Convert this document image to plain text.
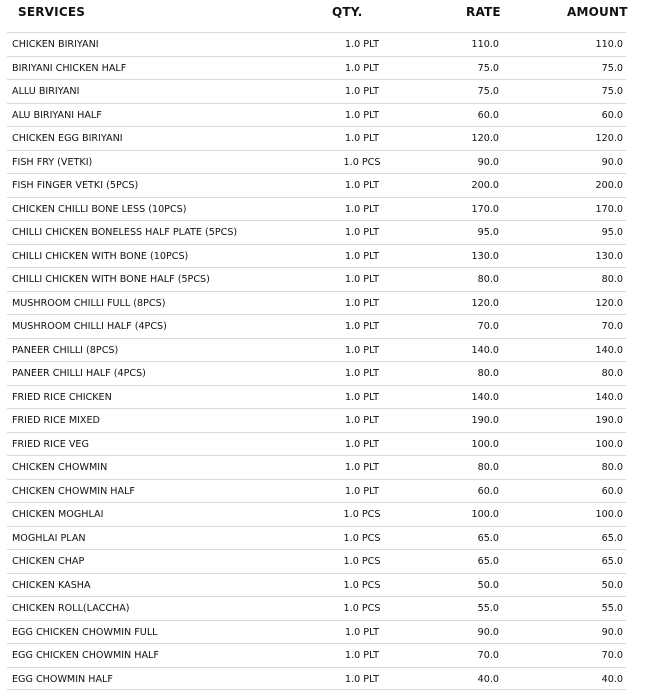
SERVICES	QTY.	RATE	AMOUNT
CHICKEN BIRIYANI	1.0 PLT	110.0	110.0
BIRIYANI CHICKEN HALF	1.0 PLT	75.0	75.0
ALLU BIRIYANI	1.0 PLT	75.0	75.0
ALU BIRIYANI HALF	1.0 PLT	60.0	60.0
CHICKEN EGG BIRIYANI	1.0 PLT	120.0	120.0
FISH FRY (VETKI)	1.0 PCS	90.0	90.0
FISH FINGER VETKI (5PCS)	1.0 PLT	200.0	200.0
CHICKEN CHILLI BONE LESS (10PCS)	1.0 PLT	170.0	170.0
CHILLI CHICKEN BONELESS HALF PLATE (5PCS)	1.0 PLT	95.0	95.0
CHILLI CHICKEN WITH BONE (10PCS)	1.0 PLT	130.0	130.0
CHILLI CHICKEN WITH BONE HALF (5PCS)	1.0 PLT	80.0	80.0
MUSHROOM CHILLI FULL (8PCS)	1.0 PLT	120.0	120.0
MUSHROOM CHILLI HALF (4PCS)	1.0 PLT	70.0	70.0
PANEER CHILLI (8PCS)	1.0 PLT	140.0	140.0
PANEER CHILLI HALF (4PCS)	1.0 PLT	80.0	80.0
FRIED RICE CHICKEN	1.0 PLT	140.0	140.0
FRIED RICE MIXED	1.0 PLT	190.0	190.0
FRIED RICE VEG	1.0 PLT	100.0	100.0
CHICKEN CHOWMIN	1.0 PLT	80.0	80.0
CHICKEN CHOWMIN HALF	1.0 PLT	60.0	60.0
CHICKEN MOGHLAI	1.0 PCS	100.0	100.0
MOGHLAI PLAN	1.0 PCS	65.0	65.0
CHICKEN CHAP	1.0 PCS	65.0	65.0
CHICKEN KASHA	1.0 PCS	50.0	50.0
CHICKEN ROLL(LACCHA)	1.0 PCS	55.0	55.0
EGG CHICKEN CHOWMIN FULL	1.0 PLT	90.0	90.0
EGG CHICKEN CHOWMIN HALF	1.0 PLT	70.0	70.0
EGG CHOWMIN HALF	1.0 PLT	40.0	40.0
